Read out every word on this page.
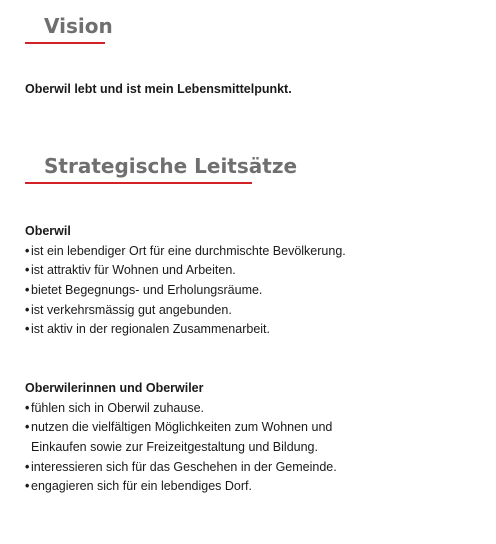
Vision

Oberwil lebt und ist mein Lebensmittelpunkt.

Strategische Leitsätze
Oberwil
• ist ein lebendiger Ort für eine durchmischte Bevölkerung.
• ist attraktiv für Wohnen und Arbeiten.
• bietet Begegnungs- und Erholungsräume.
• ist verkehrsmässig gut angebunden.
• ist aktiv in der regionalen Zusammenarbeit.
Oberwilerinnen und Oberwiler
• fühlen sich in Oberwil zuhause.
• nutzen die vielfältigen Möglichkeiten zum Wohnen und
Einkaufen sowie zur Freizeitgestaltung und Bildung.
• interessieren sich für das Geschehen in der Gemeinde.
• engagieren sich für ein lebendiges Dorf.
